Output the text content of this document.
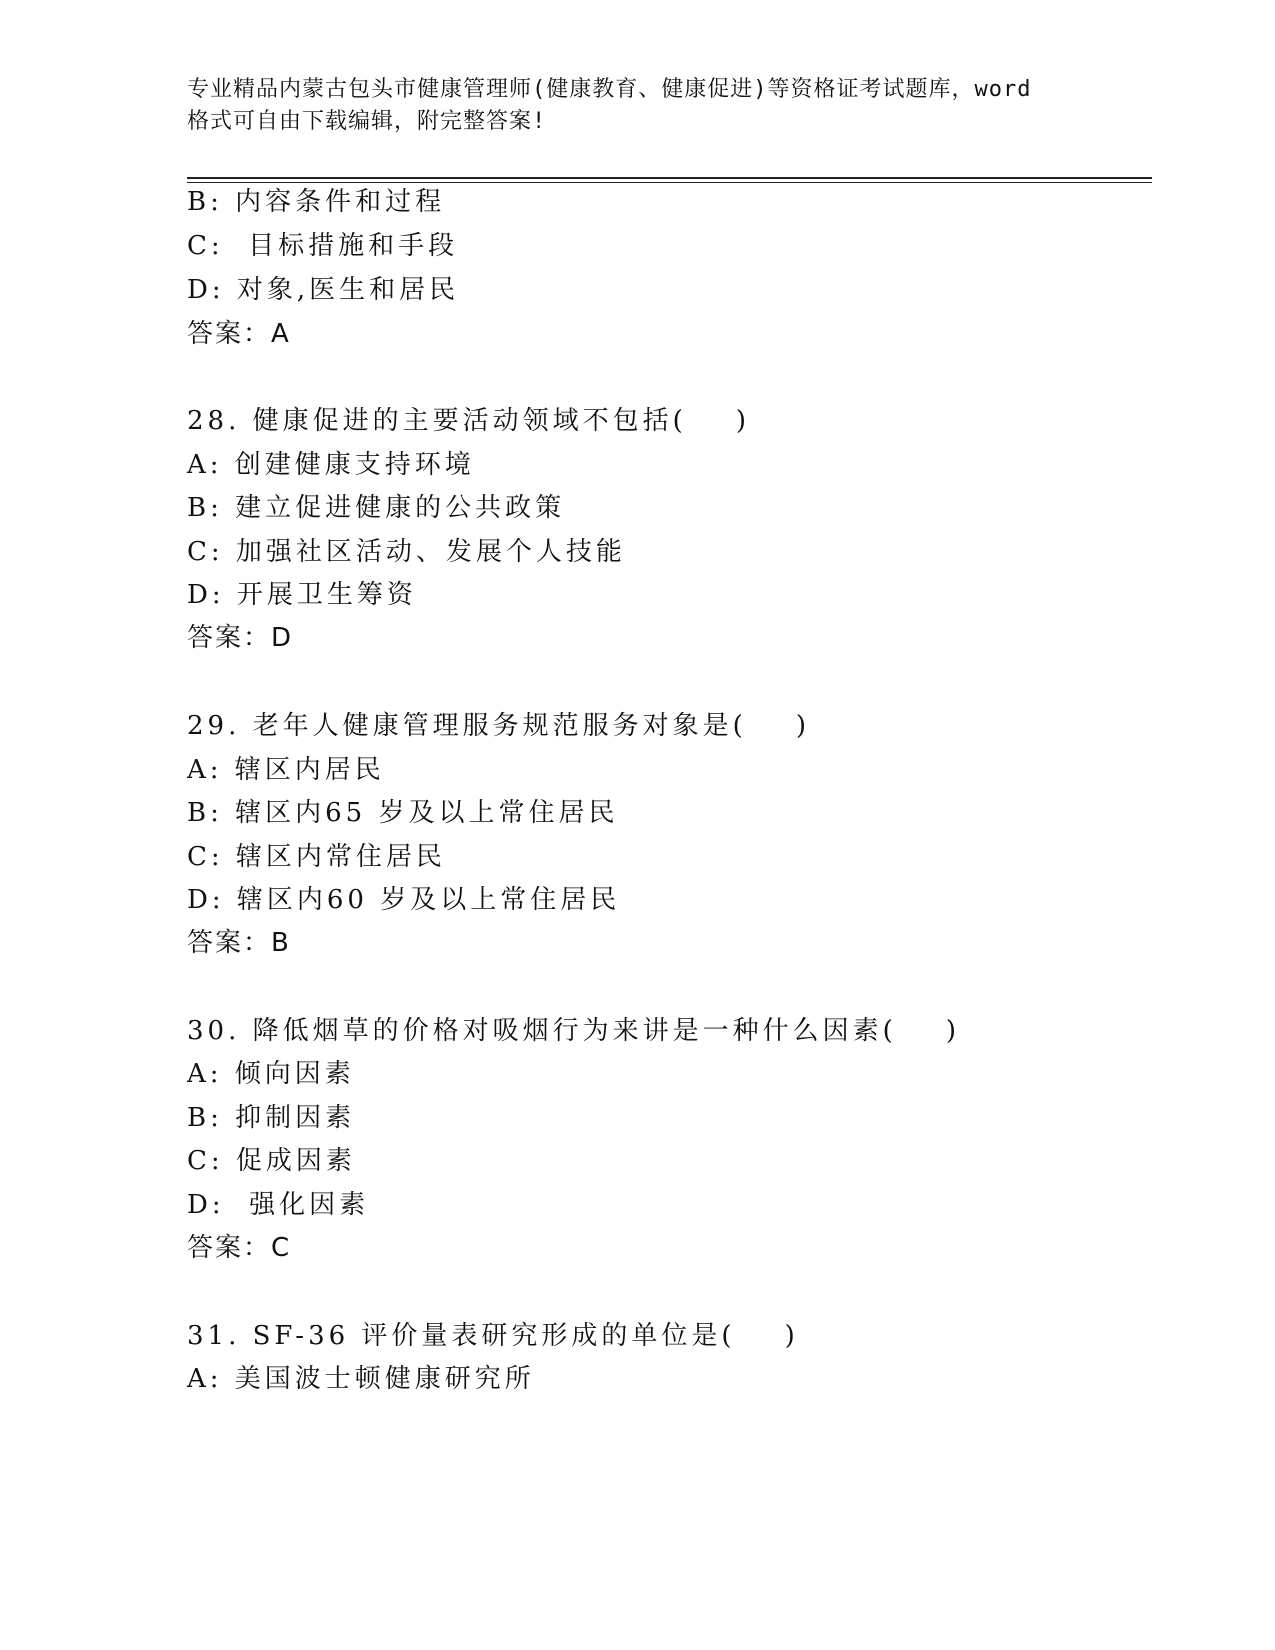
专业精品内蒙古包头市健康管理师(健康教育、健康促进)等资格证考试题库，word
格式可自由下载编辑，附完整答案!
B: 内容条件和过程
C:  目标措施和手段
D: 对象,医生和居民
答案：A
28. 健康促进的主要活动领域不包括(    )
A: 创建健康支持环境
B: 建立促进健康的公共政策
C: 加强社区活动、发展个人技能
D: 开展卫生筹资
答案：D
29. 老年人健康管理服务规范服务对象是(    )
A: 辖区内居民
B: 辖区内65 岁及以上常住居民
C: 辖区内常住居民
D: 辖区内60 岁及以上常住居民
答案：B
30. 降低烟草的价格对吸烟行为来讲是一种什么因素(    )
A: 倾向因素
B: 抑制因素
C: 促成因素
D:  强化因素
答案：C
31. SF-36 评价量表研究形成的单位是(    )
A: 美国波士顿健康研究所
